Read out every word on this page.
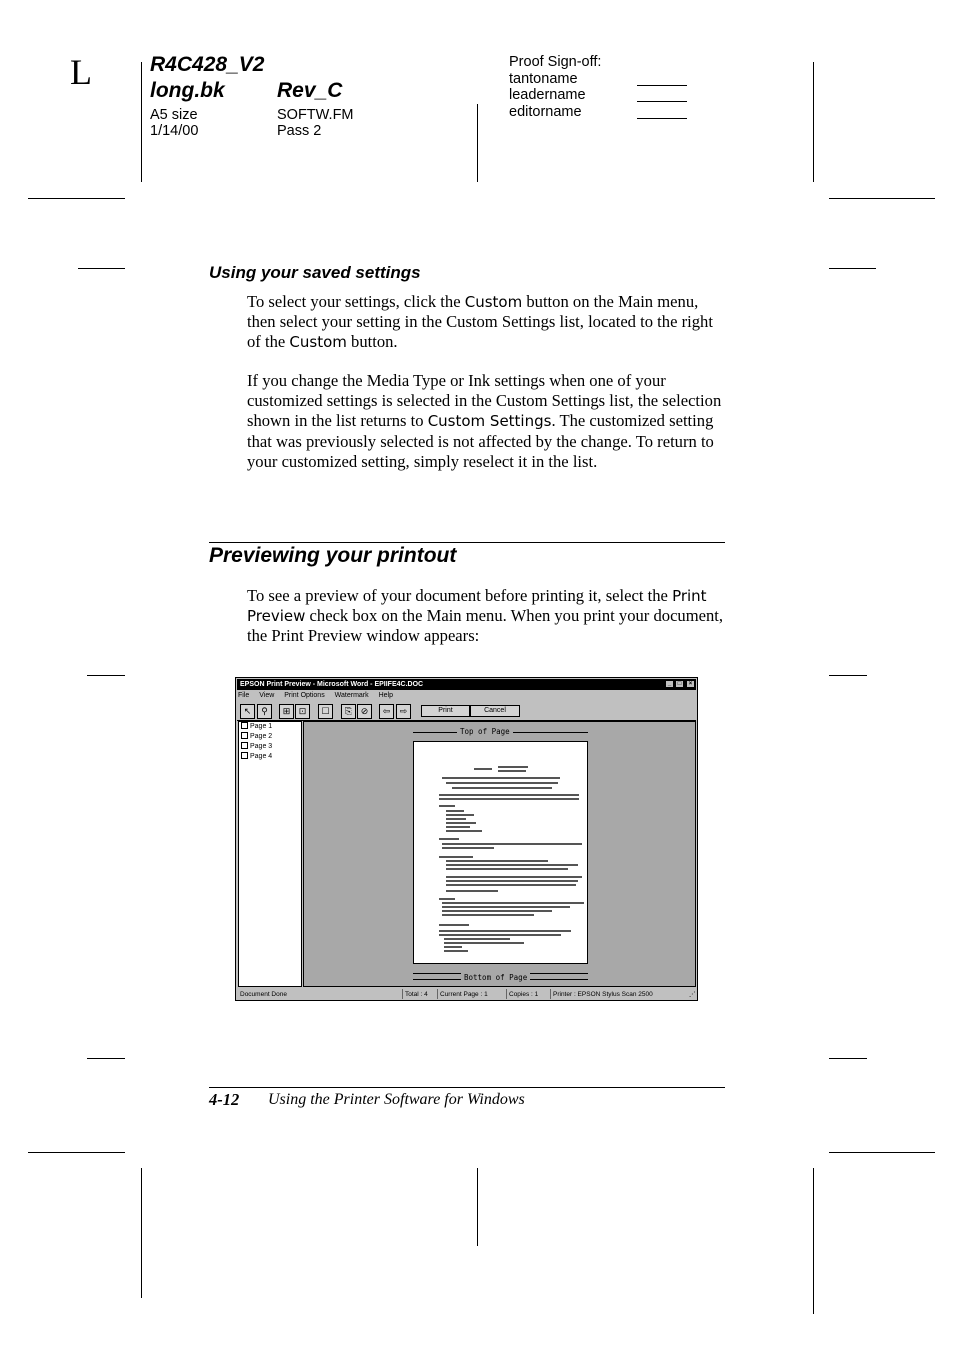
L	R4C428_V2
long.bk Rev_C
A5 size	SOFTW.FM
1/14/00	Pass 2
Proof Sign-off:
tantoname
leadername
editorname
Using your saved settings

To select your settings, click the Custom button on the Main menu, then select your setting in the Custom Settings list, located to the right of the Custom button.

If you change the Media Type or Ink settings when one of your customized settings is selected in the Custom Settings list, the selection shown in the list returns to Custom Settings. The customized setting that was previously selected is not affected by the change. To return to your customized setting, simply reselect it in the list.

Previewing your printout

To see a preview of your document before printing it, select the Print Preview check box on the Main menu. When you print your document, the Print Preview window appears:

EPSON Print Preview - Microsoft Word - EPIIFE4C.DOC	_	□	×
File View Print Options Watermark Help
↖	⚲	⊞ ⊡	☐	⎘ ⊘	⇦	⇨	Print	Cancel
Page 1
Page 2
Page 3
Page 4
Top of Page
Bottom of Page
Document Done	Total : 4	Current Page : 1	Copies : 1	Printer : EPSON Stylus Scan 2500	⋰
4-12 Using the Printer Software for Windows
